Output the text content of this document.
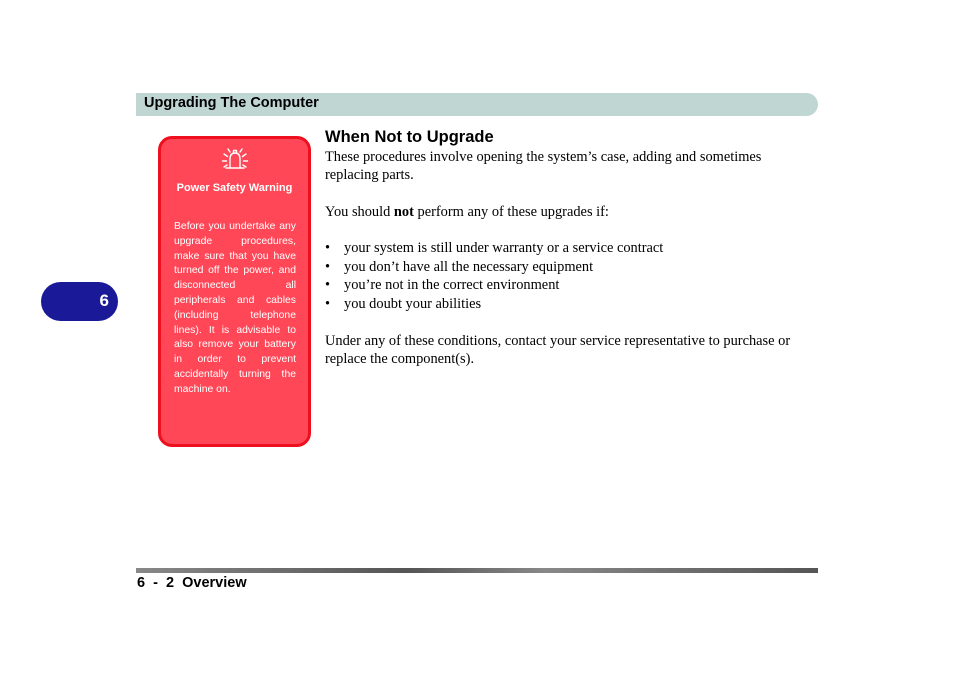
Upgrading The Computer
6
Power Safety Warning
Before you undertake any upgrade procedures, make sure that you have turned off the power, and disconnected all peripherals and cables (including telephone lines). It is advisable to also remove your battery in order to prevent accidentally turning the machine on.
When Not to Upgrade

These procedures involve opening the system’s case, adding and sometimes replacing parts.

You should not perform any of these upgrades if:

• your system is still under warranty or a service contract
• you don’t have all the necessary equipment
• you’re not in the correct environment
• you doubt your abilities

Under any of these conditions, contact your service representative to purchase or replace the component(s).

6  -  2  Overview
